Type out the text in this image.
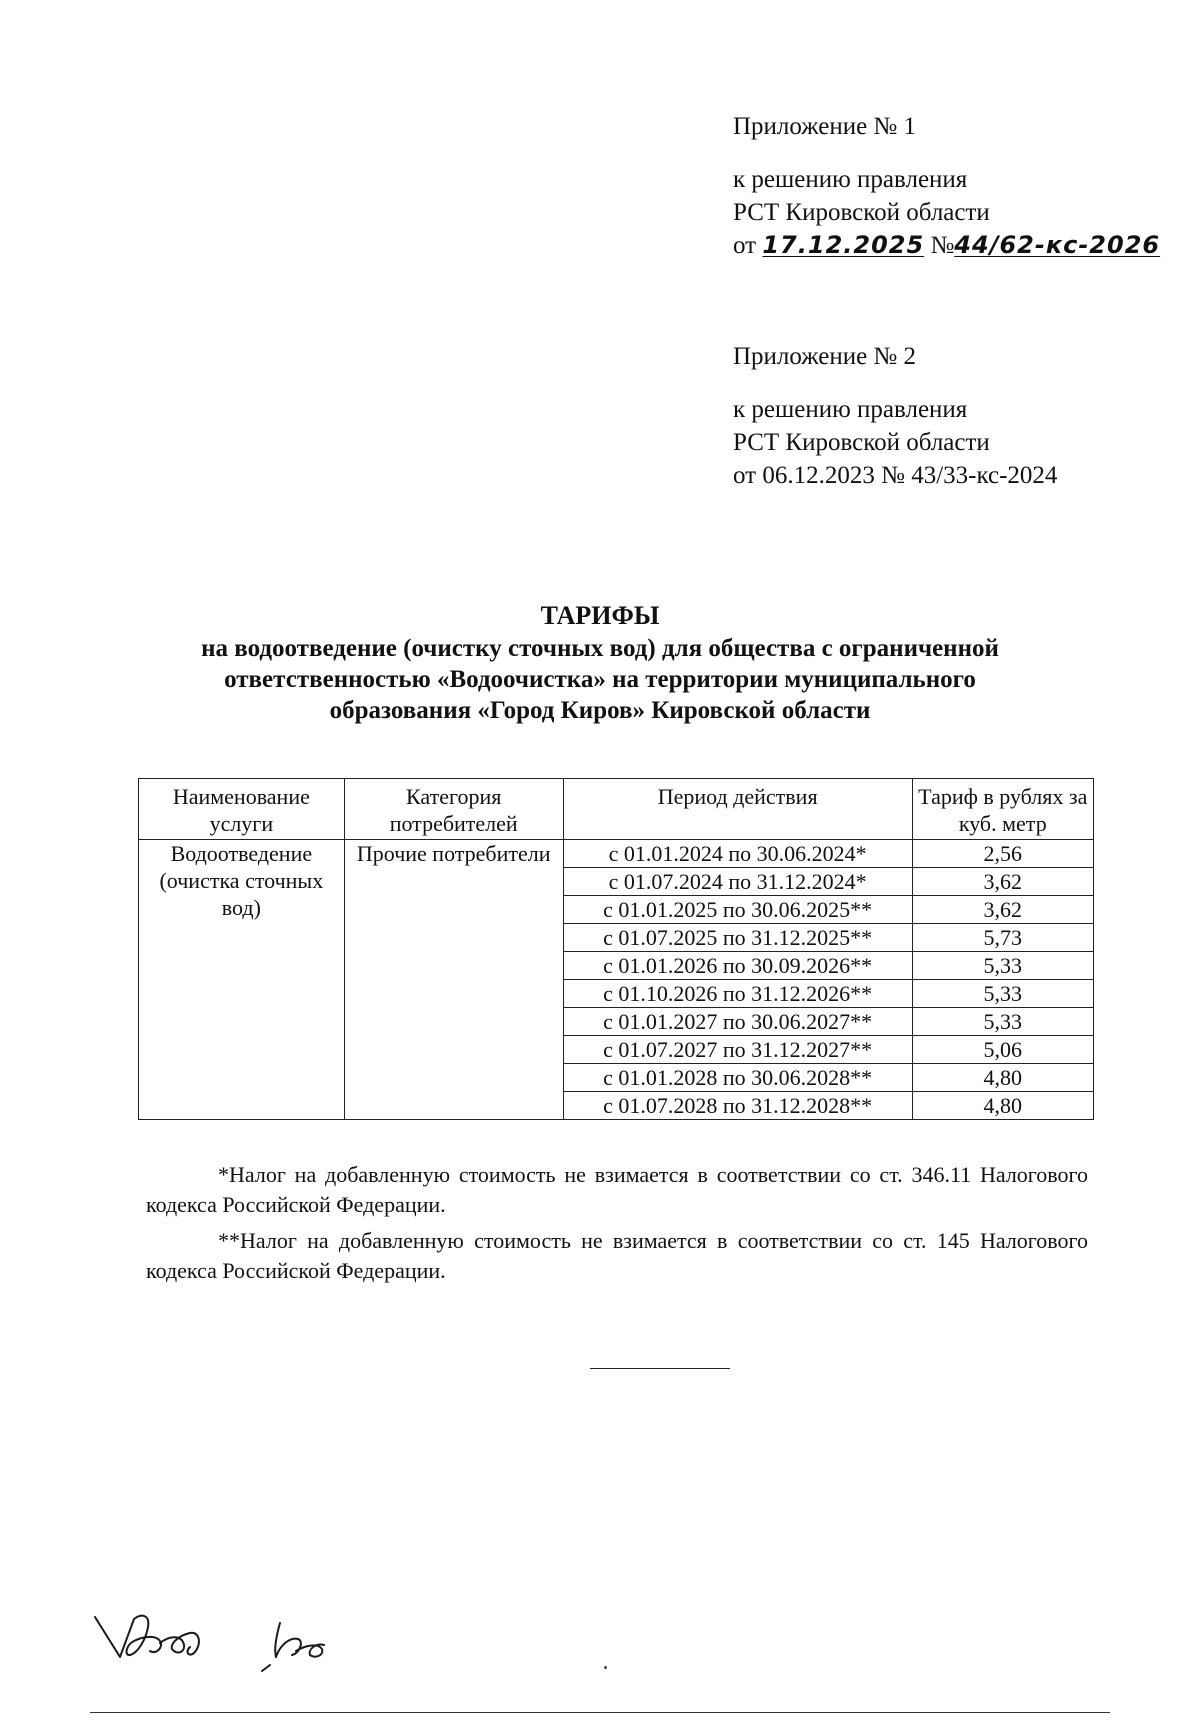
Приложение № 1
к решению правления
РСТ Кировской области
от 17.12.2025 №44/62-кс-2026
Приложение № 2
к решению правления
РСТ Кировской области
от 06.12.2023 № 43/33-кс-2024
ТАРИФЫ
на водоотведение (очистку сточных вод) для общества с ограниченной
ответственностью «Водоочистка» на территории муниципального
образования «Город Киров» Кировской области
Наименование услуги	Категория потребителей	Период действия	Тариф в рублях за куб. метр

Водоотведение (очистка сточных вод)	Прочие потребители	с 01.01.2024 по 30.06.2024*	2,56
		с 01.07.2024 по 31.12.2024*	3,62
		с 01.01.2025 по 30.06.2025**	3,62
		с 01.07.2025 по 31.12.2025**	5,73
		с 01.01.2026 по 30.09.2026**	5,33
		с 01.10.2026 по 31.12.2026**	5,33
		с 01.01.2027 по 30.06.2027**	5,33
		с 01.07.2027 по 31.12.2027**	5,06
		с 01.01.2028 по 30.06.2028**	4,80
		с 01.07.2028 по 31.12.2028**	4,80

*Налог на добавленную стоимость не взимается в соответствии со ст. 346.11 Налогового кодекса Российской Федерации.

**Налог на добавленную стоимость не взимается в соответствии со ст. 145 Налогового кодекса Российской Федерации.
